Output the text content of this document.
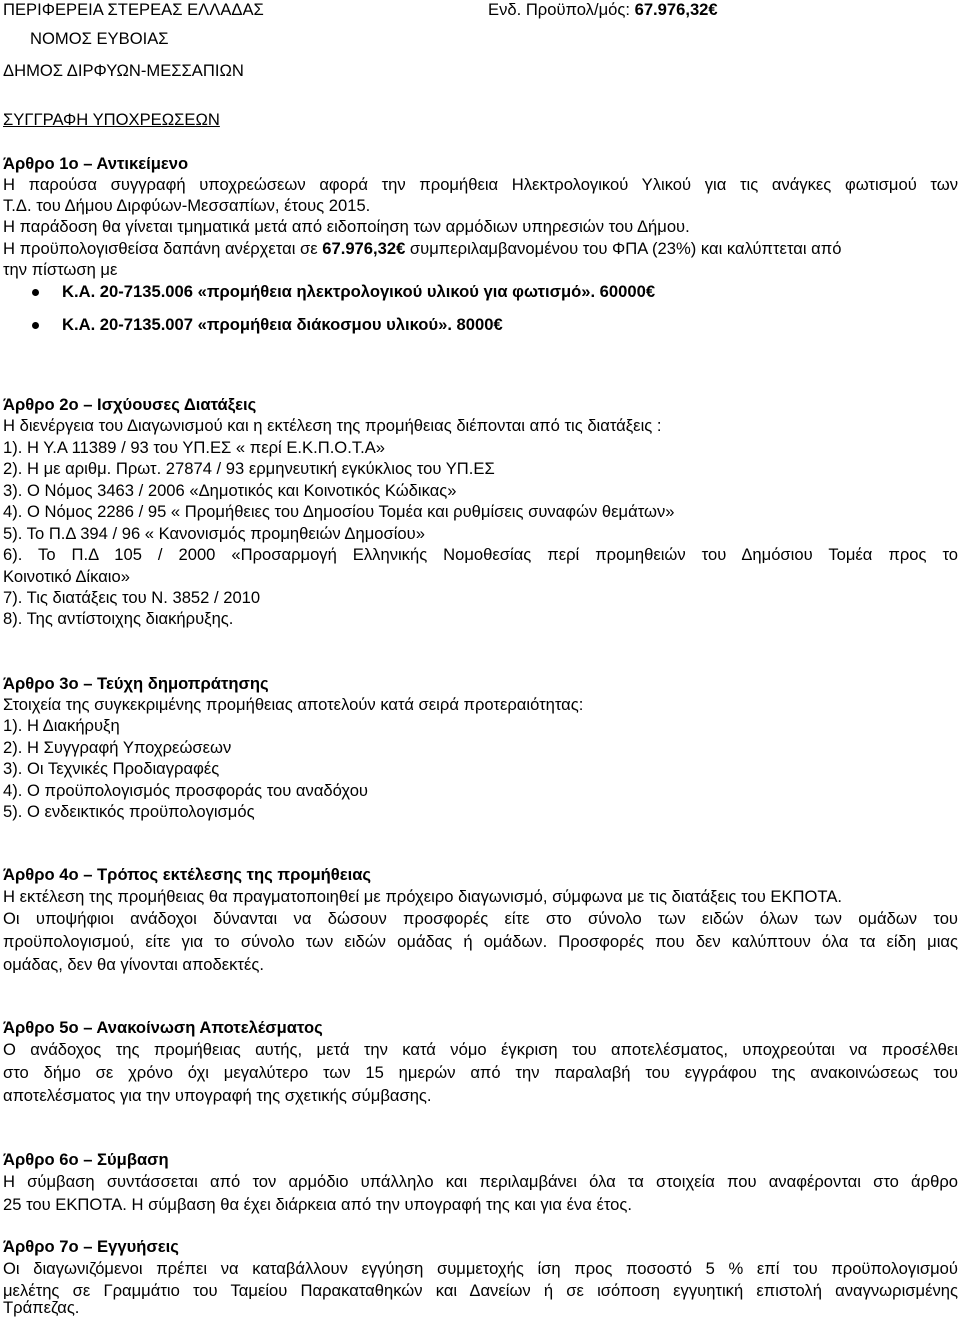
ΠΕΡΙΦΕΡΕΙΑ ΣΤΕΡΕΑΣ ΕΛΛΑΔΑΣ	Ενδ. Προϋπολ/μός: 67.976,32€
ΝΟΜΟΣ ΕΥΒΟΙΑΣ
ΔΗΜΟΣ ΔΙΡΦΥΩΝ-ΜΕΣΣΑΠΙΩΝ
ΣΥΓΓΡΑΦΗ ΥΠΟΧΡΕΩΣΕΩΝ
Άρθρο 1ο – Αντικείμενο
Η παρούσα συγγραφή υποχρεώσεων αφορά την προμήθεια Ηλεκτρολογικού Υλικού για τις ανάγκες φωτισμού των
Τ.Δ. του Δήμου Διρφύων-Μεσσαπίων, έτους 2015.
Η παράδοση θα γίνεται τμηματικά μετά από ειδοποίηση των αρμόδιων υπηρεσιών του Δήμου.
Η προϋπολογισθείσα δαπάνη ανέρχεται σε 67.976,32€ συμπεριλαμβανομένου του ΦΠΑ (23%) και καλύπτεται από
την πίστωση με
Κ.Α. 20-7135.006 «προμήθεια ηλεκτρολογικού υλικού για φωτισμό». 60000€
Κ.Α. 20-7135.007 «προμήθεια διάκοσμου υλικού». 8000€
Άρθρο 2ο – Ισχύουσες Διατάξεις
Η διενέργεια του Διαγωνισμού και η εκτέλεση της προμήθειας διέπονται από τις διατάξεις :
1). Η Υ.Α 11389 / 93 του ΥΠ.ΕΣ « περί Ε.Κ.Π.Ο.Τ.Α»
2). Η με αριθμ. Πρωτ. 27874 / 93 ερμηνευτική εγκύκλιος του ΥΠ.ΕΣ
3). Ο Νόμος 3463 / 2006 «Δημοτικός και Κοινοτικός Κώδικας»
4). Ο Νόμος 2286 / 95 « Προμήθειες του Δημοσίου Τομέα και ρυθμίσεις συναφών θεμάτων»
5). Το Π.Δ 394 / 96 « Κανονισμός προμηθειών Δημοσίου»
6). Το Π.Δ 105 / 2000 «Προσαρμογή Ελληνικής Νομοθεσίας περί προμηθειών του Δημόσιου Τομέα προς το
Κοινοτικό Δίκαιο»
7). Τις διατάξεις του Ν. 3852 / 2010
8). Της αντίστοιχης διακήρυξης.
Άρθρο 3ο – Τεύχη δημοπράτησης
Στοιχεία της συγκεκριμένης προμήθειας αποτελούν κατά σειρά προτεραιότητας:
1). Η Διακήρυξη
2). Η Συγγραφή Υποχρεώσεων
3). Οι Τεχνικές Προδιαγραφές
4). Ο προϋπολογισμός προσφοράς του αναδόχου
5). Ο ενδεικτικός προϋπολογισμός
Άρθρο 4ο – Τρόπος εκτέλεσης της προμήθειας
Η εκτέλεση της προμήθειας θα πραγματοποιηθεί με πρόχειρο διαγωνισμό, σύμφωνα με τις διατάξεις του ΕΚΠΟΤΑ.
Οι υποψήφιοι ανάδοχοι δύνανται να δώσουν προσφορές είτε στο σύνολο των ειδών όλων των ομάδων του
προϋπολογισμού, είτε για το σύνολο των ειδών ομάδας ή ομάδων. Προσφορές που δεν καλύπτουν όλα τα είδη μιας
ομάδας, δεν θα γίνονται αποδεκτές.
Άρθρο 5ο – Ανακοίνωση Αποτελέσματος
Ο ανάδοχος της προμήθειας αυτής, μετά την κατά νόμο έγκριση του αποτελέσματος, υποχρεούται να προσέλθει
στο δήμο σε χρόνο όχι μεγαλύτερο των 15 ημερών από την παραλαβή του εγγράφου της ανακοινώσεως του
αποτελέσματος για την υπογραφή της σχετικής σύμβασης.
Άρθρο 6ο – Σύμβαση
Η σύμβαση συντάσσεται από τον αρμόδιο υπάλληλο και περιλαμβάνει όλα τα στοιχεία που αναφέρονται στο άρθρο
25 του ΕΚΠΟΤΑ. Η σύμβαση θα έχει διάρκεια από την υπογραφή της και για ένα έτος.
Άρθρο 7ο – Εγγυήσεις
Οι διαγωνιζόμενοι πρέπει να καταβάλλουν εγγύηση συμμετοχής ίση προς ποσοστό 5 % επί του προϋπολογισμού
μελέτης σε Γραμμάτιο του Ταμείου Παρακαταθηκών και Δανείων ή σε ισόποση εγγυητική επιστολή αναγνωρισμένης
Τράπεζας.
